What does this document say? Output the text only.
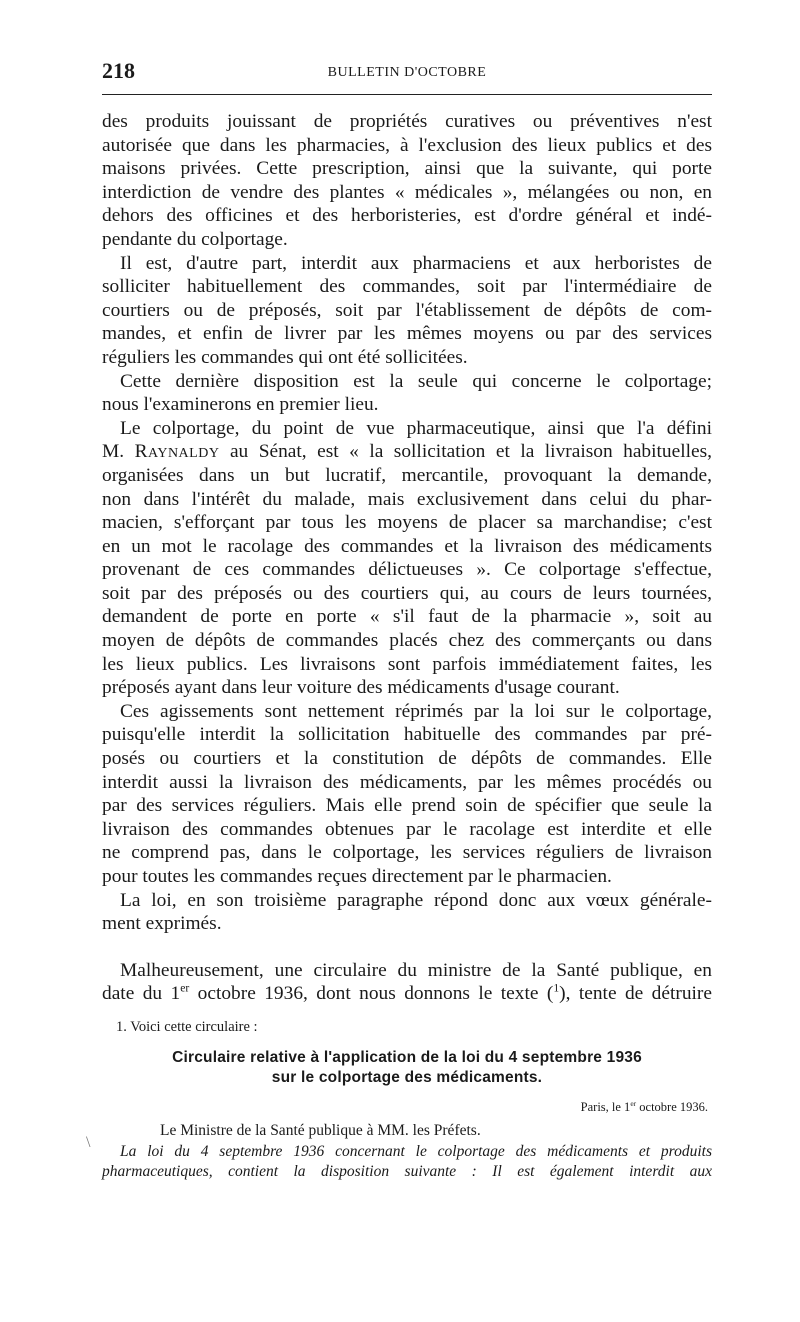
218	BULLETIN D'OCTOBRE
des produits jouissant de propriétés curatives ou préventives n'est
autorisée que dans les pharmacies, à l'exclusion des lieux publics et des
maisons privées. Cette prescription, ainsi que la suivante, qui porte
interdiction de vendre des plantes « médicales », mélangées ou non, en
dehors des officines et des herboristeries, est d'ordre général et indé-
pendante du colportage.
Il est, d'autre part, interdit aux pharmaciens et aux herboristes de
solliciter habituellement des commandes, soit par l'intermédiaire de
courtiers ou de préposés, soit par l'établissement de dépôts de com-
mandes, et enfin de livrer par les mêmes moyens ou par des services
réguliers les commandes qui ont été sollicitées.
Cette dernière disposition est la seule qui concerne le colportage;
nous l'examinerons en premier lieu.
Le colportage, du point de vue pharmaceutique, ainsi que l'a défini
M. Raynaldy au Sénat, est « la sollicitation et la livraison habituelles,
organisées dans un but lucratif, mercantile, provoquant la demande,
non dans l'intérêt du malade, mais exclusivement dans celui du phar-
macien, s'efforçant par tous les moyens de placer sa marchandise; c'est
en un mot le racolage des commandes et la livraison des médicaments
provenant de ces commandes délictueuses ». Ce colportage s'effectue,
soit par des préposés ou des courtiers qui, au cours de leurs tournées,
demandent de porte en porte « s'il faut de la pharmacie », soit au
moyen de dépôts de commandes placés chez des commerçants ou dans
les lieux publics. Les livraisons sont parfois immédiatement faites, les
préposés ayant dans leur voiture des médicaments d'usage courant.
Ces agissements sont nettement réprimés par la loi sur le colportage,
puisqu'elle interdit la sollicitation habituelle des commandes par pré-
posés ou courtiers et la constitution de dépôts de commandes. Elle
interdit aussi la livraison des médicaments, par les mêmes procédés ou
par des services réguliers. Mais elle prend soin de spécifier que seule la
livraison des commandes obtenues par le racolage est interdite et elle
ne comprend pas, dans le colportage, les services réguliers de livraison
pour toutes les commandes reçues directement par le pharmacien.
La loi, en son troisième paragraphe répond donc aux vœux générale-
ment exprimés.
Malheureusement, une circulaire du ministre de la Santé publique, en
date du 1er octobre 1936, dont nous donnons le texte ($^1$), tente de détruire
1. Voici cette circulaire :
Circulaire relative à l'application de la loi du 4 septembre 1936
sur le colportage des médicaments.
Paris, le 1er octobre 1936.
Le Ministre de la Santé publique à MM. les Préfets.
La loi du 4 septembre 1936 concernant le colportage des médicaments et produits
pharmaceutiques, contient la disposition suivante : Il est également interdit aux
\
